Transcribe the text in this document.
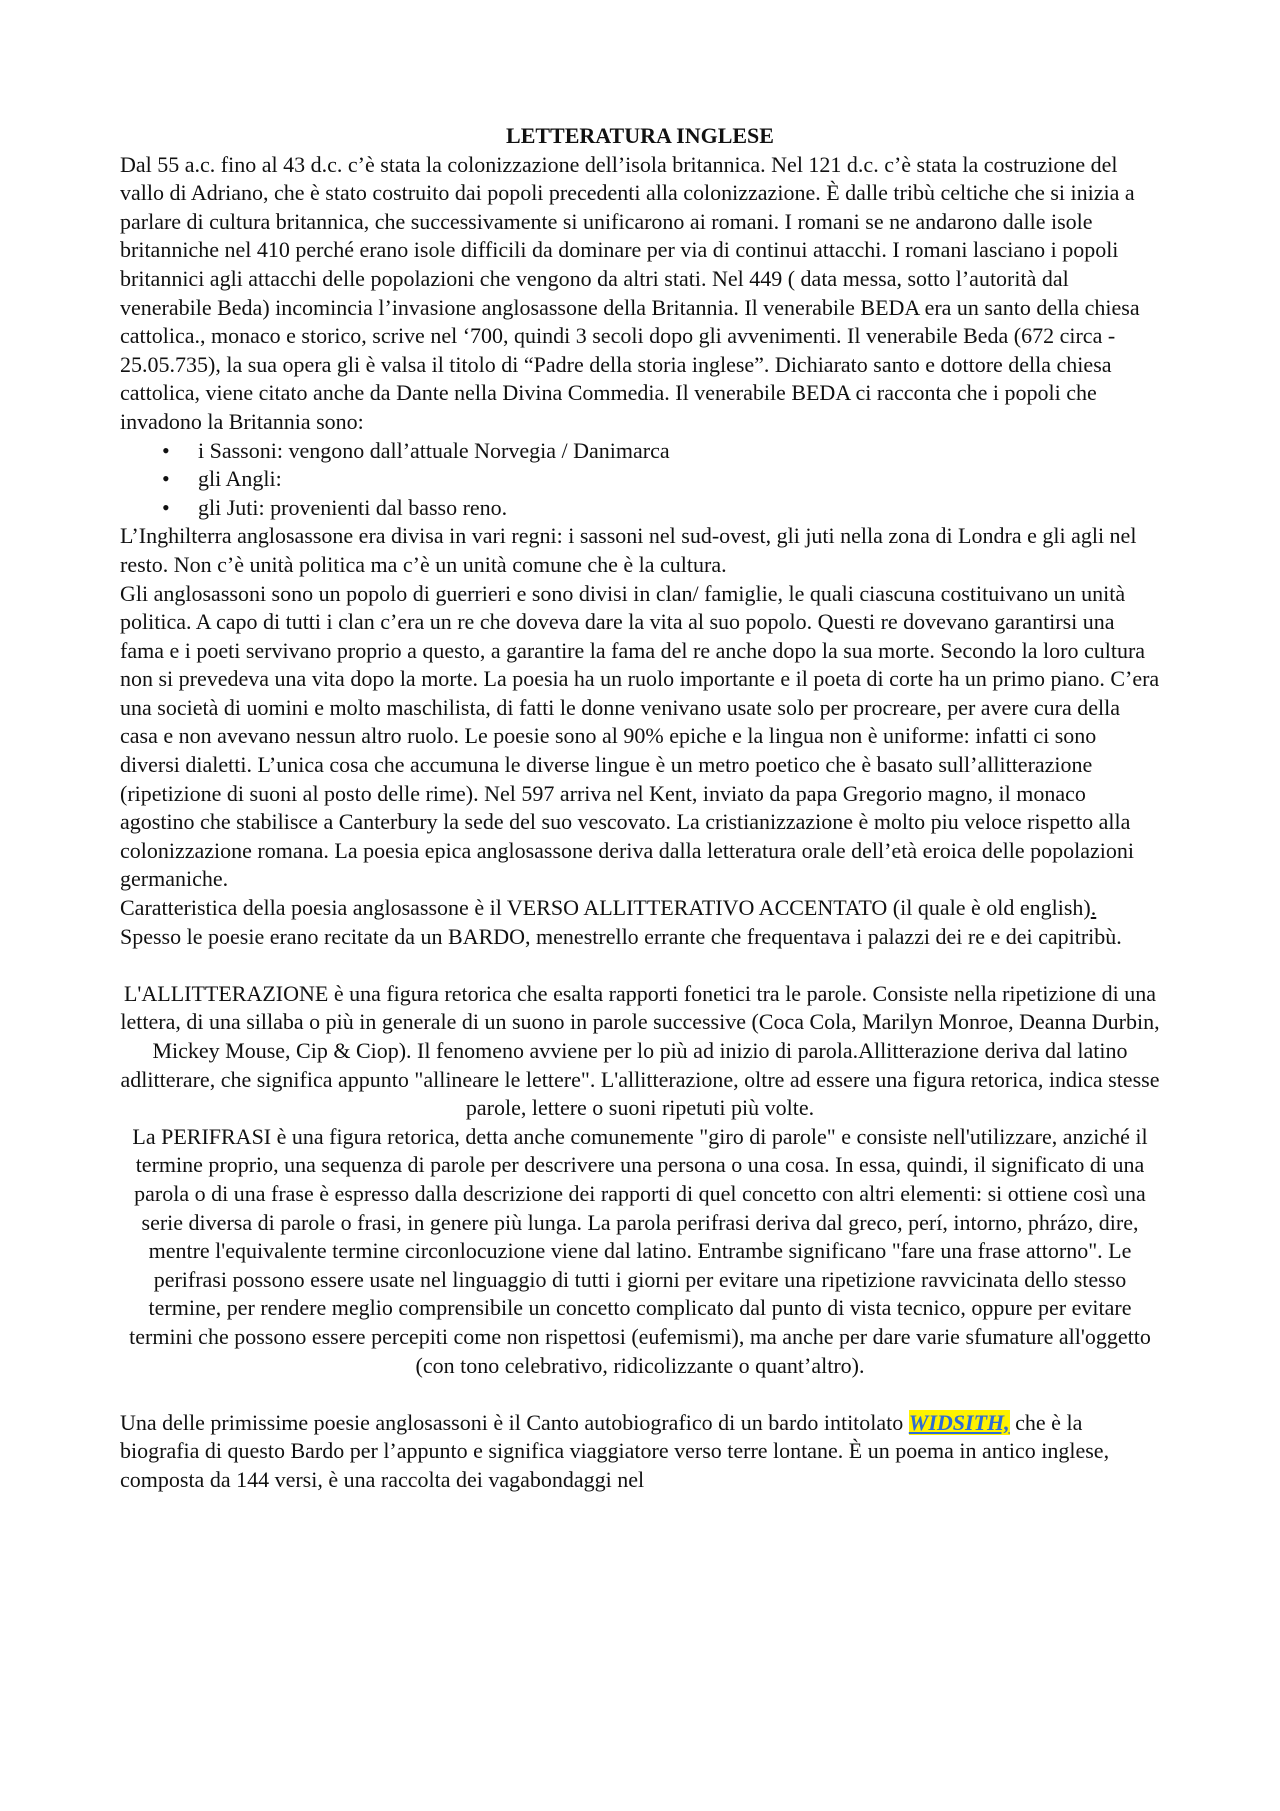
LETTERATURA INGLESE

Dal 55 a.c. fino al 43 d.c. c’è stata la colonizzazione dell’isola britannica. Nel 121 d.c. c’è stata la costruzione del vallo di Adriano, che è stato costruito dai popoli precedenti alla colonizzazione. È dalle tribù celtiche che si inizia a parlare di cultura britannica, che successivamente si unificarono ai romani. I romani se ne andarono dalle isole britanniche nel 410 perché erano isole difficili da dominare per via di continui attacchi. I romani lasciano i popoli britannici agli attacchi delle popolazioni che vengono da altri stati. Nel 449 ( data messa, sotto l’autorità dal venerabile Beda) incomincia l’invasione anglosassone della Britannia. Il venerabile BEDA era un santo della chiesa cattolica., monaco e storico, scrive nel ‘700, quindi 3 secoli dopo gli avvenimenti. Il venerabile Beda (672 circa - 25.05.735), la sua opera gli è valsa il titolo di “Padre della storia inglese”. Dichiarato santo e dottore della chiesa cattolica, viene citato anche da Dante nella Divina Commedia. Il venerabile BEDA ci racconta che i popoli che invadono la Britannia sono:

• i Sassoni: vengono dall’attuale Norvegia / Danimarca
• gli Angli:
• gli Juti: provenienti dal basso reno.

L’Inghilterra anglosassone era divisa in vari regni: i sassoni nel sud-ovest, gli juti nella zona di Londra e gli agli nel resto. Non c’è unità politica ma c’è un unità comune che è la cultura.

Gli anglosassoni sono un popolo di guerrieri e sono divisi in clan/ famiglie, le quali ciascuna costituivano un unità politica. A capo di tutti i clan c’era un re che doveva dare la vita al suo popolo. Questi re dovevano garantirsi una fama e i poeti servivano proprio a questo, a garantire la fama del re anche dopo la sua morte. Secondo la loro cultura non si prevedeva una vita dopo la morte. La poesia ha un ruolo importante e il poeta di corte ha un primo piano. C’era una società di uomini e molto maschilista, di fatti le donne venivano usate solo per procreare, per avere cura della casa e non avevano nessun altro ruolo. Le poesie sono al 90% epiche e la lingua non è uniforme: infatti ci sono diversi dialetti. L’unica cosa che accumuna le diverse lingue è un metro poetico che è basato sull’allitterazione (ripetizione di suoni al posto delle rime). Nel 597 arriva nel Kent, inviato da papa Gregorio magno, il monaco agostino che stabilisce a Canterbury la sede del suo vescovato. La cristianizzazione è molto piu veloce rispetto alla colonizzazione romana. La poesia epica anglosassone deriva dalla letteratura orale dell’età eroica delle popolazioni germaniche.

Caratteristica della poesia anglosassone è il VERSO ALLITTERATIVO ACCENTATO (il quale è old english). Spesso le poesie erano recitate da un BARDO, menestrello errante che frequentava i palazzi dei re e dei capitribù.

L'ALLITTERAZIONE è una figura retorica che esalta rapporti fonetici tra le parole. Consiste nella ripetizione di una lettera, di una sillaba o più in generale di un suono in parole successive (Coca Cola, Marilyn Monroe, Deanna Durbin, Mickey Mouse, Cip & Ciop). Il fenomeno avviene per lo più ad inizio di parola.Allitterazione deriva dal latino adlitterare, che significa appunto "allineare le lettere". L'allitterazione, oltre ad essere una figura retorica, indica stesse parole, lettere o suoni ripetuti più volte.

La PERIFRASI è una figura retorica, detta anche comunemente "giro di parole" e consiste nell'utilizzare, anziché il termine proprio, una sequenza di parole per descrivere una persona o una cosa. In essa, quindi, il significato di una parola o di una frase è espresso dalla descrizione dei rapporti di quel concetto con altri elementi: si ottiene così una serie diversa di parole o frasi, in genere più lunga. La parola perifrasi deriva dal greco, perí, intorno, phrázo, dire, mentre l'equivalente termine circonlocuzione viene dal latino. Entrambe significano "fare una frase attorno". Le perifrasi possono essere usate nel linguaggio di tutti i giorni per evitare una ripetizione ravvicinata dello stesso termine, per rendere meglio comprensibile un concetto complicato dal punto di vista tecnico, oppure per evitare termini che possono essere percepiti come non rispettosi (eufemismi), ma anche per dare varie sfumature all'oggetto (con tono celebrativo, ridicolizzante o quant’altro).

Una delle primissime poesie anglosassoni è il Canto autobiografico di un bardo intitolato WIDSITH, che è la biografia di questo Bardo per l’appunto e significa viaggiatore verso terre lontane. È un poema in antico inglese, composta da 144 versi, è una raccolta dei vagabondaggi nel
